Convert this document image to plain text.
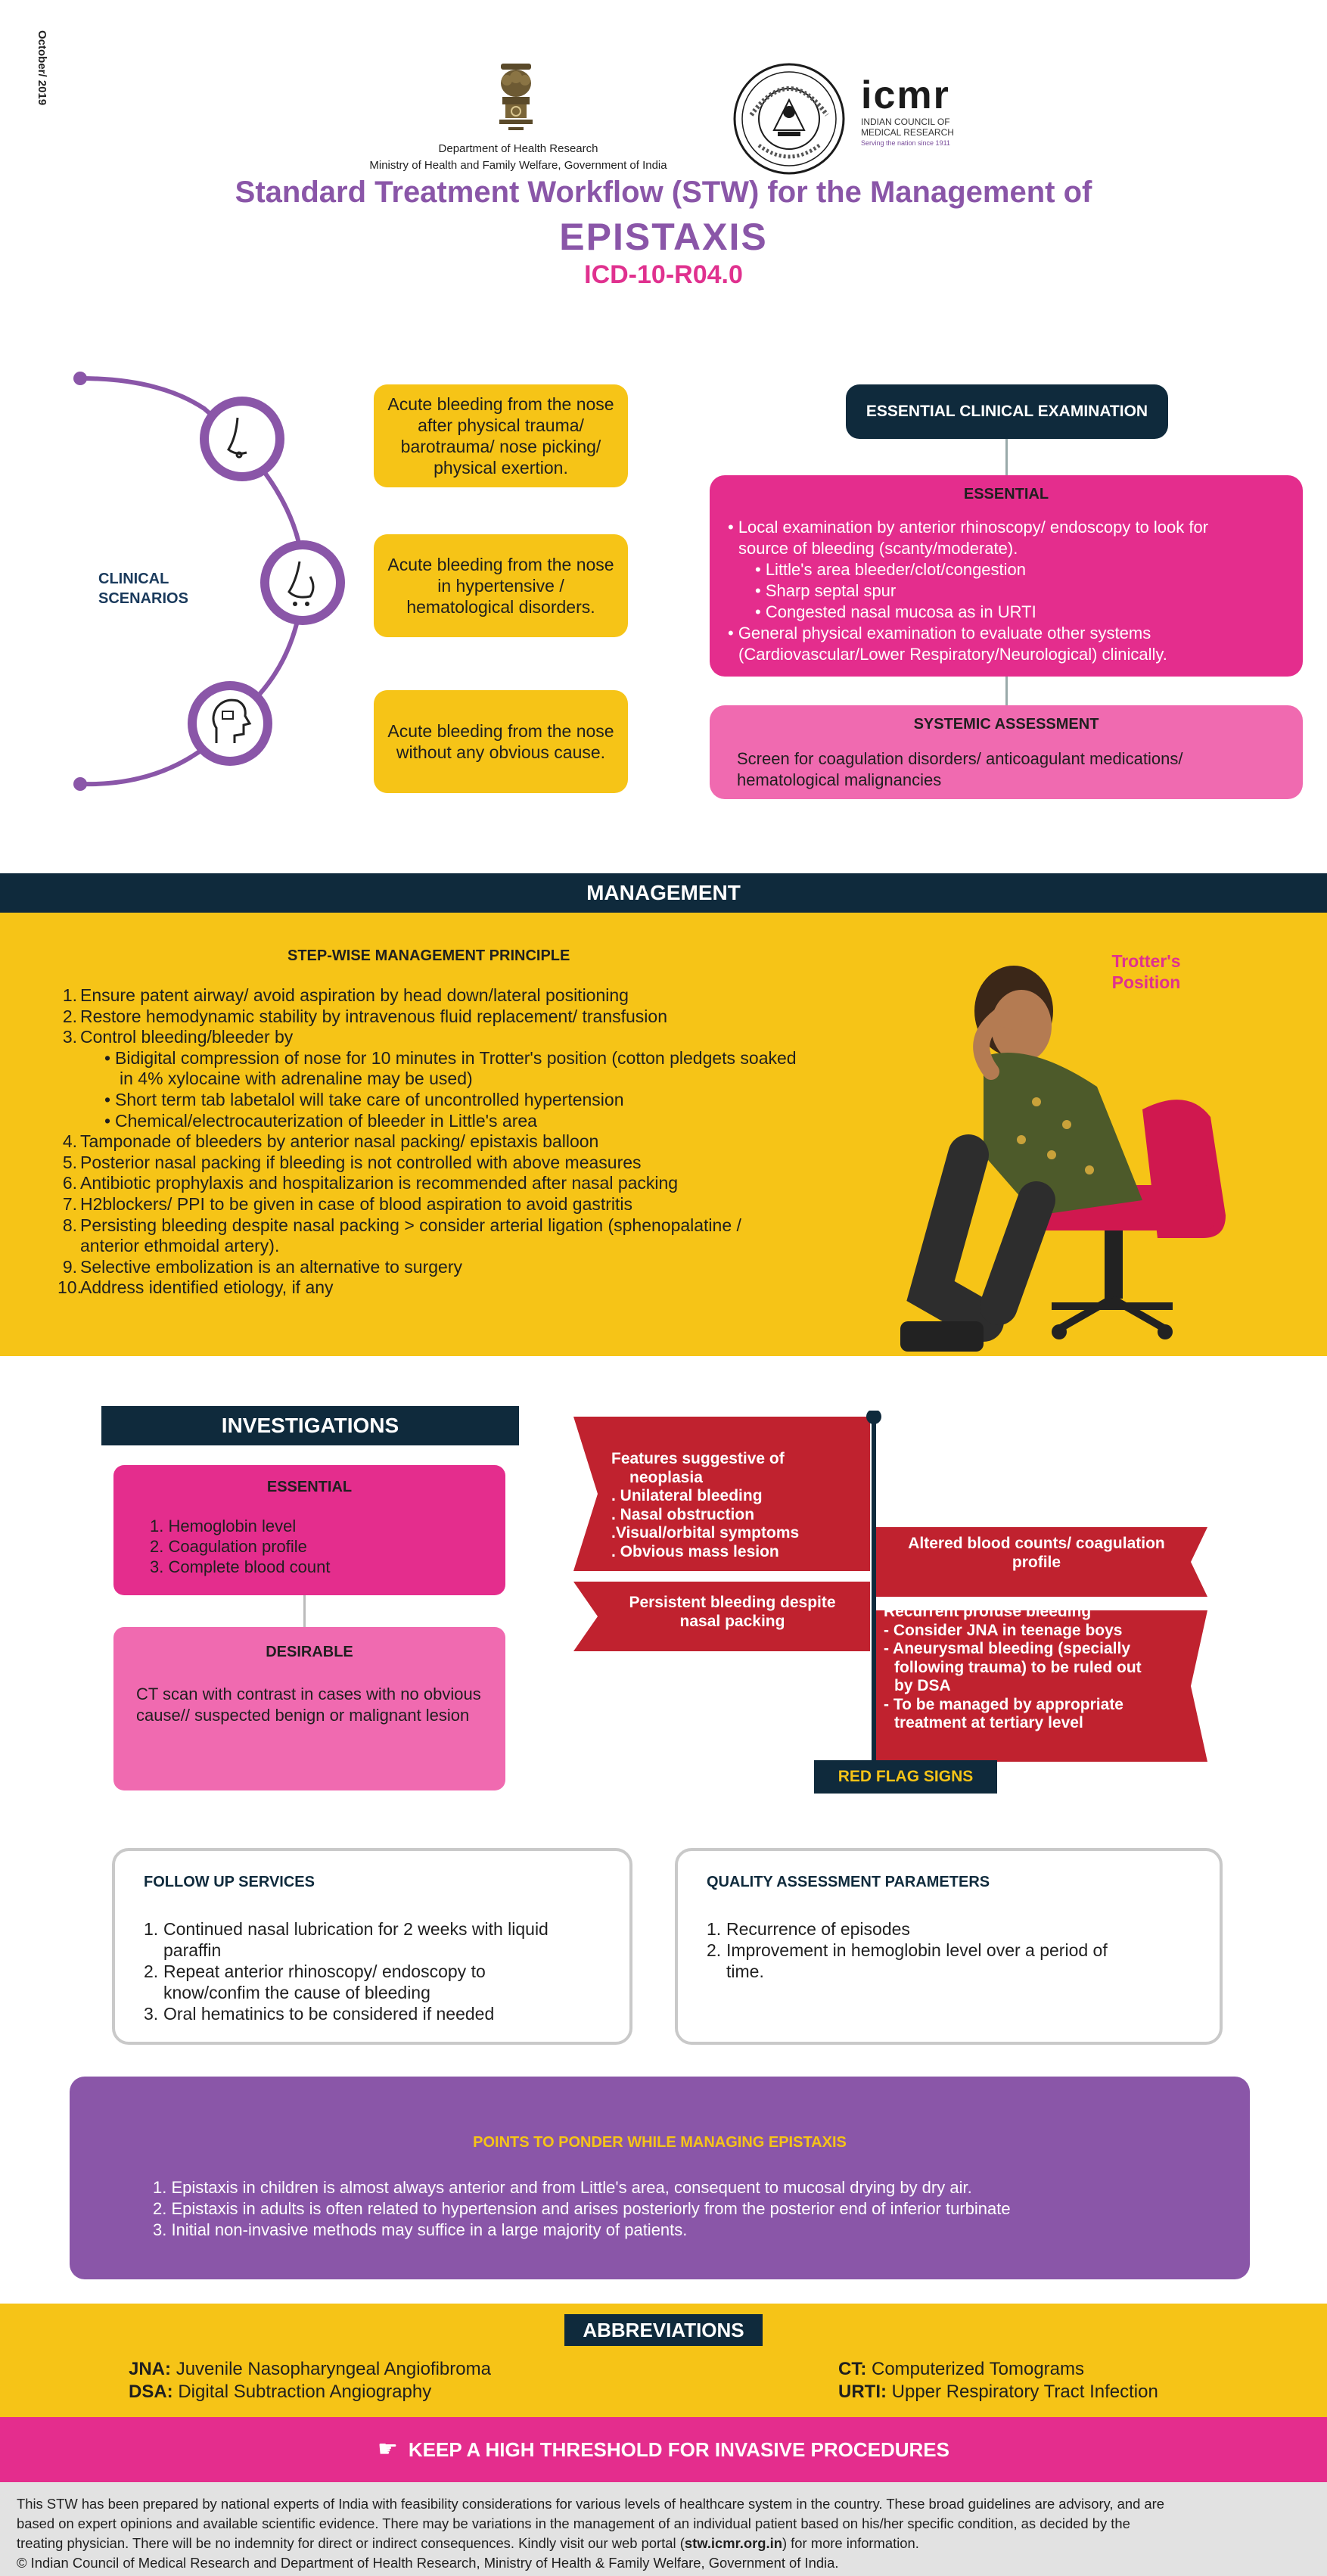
October/ 2019
Department of Health Research
Ministry of Health and Family Welfare, Government of India
icmr
INDIAN COUNCIL OF
MEDICAL RESEARCH
Serving the nation since 1911
Standard Treatment Workflow (STW) for the Management of
EPISTAXIS
ICD-10-R04.0
CLINICAL
SCENARIOS
Acute bleeding from the nose after physical trauma/ barotrauma/ nose picking/ physical exertion.
Acute bleeding from the nose in hypertensive / hematological disorders.
Acute bleeding from the nose without any obvious cause.
ESSENTIAL CLINICAL EXAMINATION
ESSENTIAL
• Local examination by anterior rhinoscopy/ endoscopy to look for
source of bleeding (scanty/moderate).
• Little's area bleeder/clot/congestion
• Sharp septal spur
• Congested nasal mucosa as in URTI
• General physical examination to evaluate other systems
(Cardiovascular/Lower Respiratory/Neurological) clinically.
SYSTEMIC ASSESSMENT
Screen for coagulation disorders/ anticoagulant medications/ hematological malignancies
MANAGEMENT
STEP-WISE MANAGEMENT PRINCIPLE
1. Ensure patent airway/ avoid aspiration by head down/lateral positioning
2. Restore hemodynamic stability by intravenous fluid replacement/ transfusion
3. Control bleeding/bleeder by
• Bidigital compression of nose for 10 minutes in Trotter's position (cotton pledgets soaked
in 4% xylocaine with adrenaline may be used)
• Short term tab labetalol will take care of uncontrolled hypertension
• Chemical/electrocauterization of bleeder in Little's area
4. Tamponade of bleeders by anterior nasal packing/ epistaxis balloon
5. Posterior nasal packing if bleeding is not controlled with above measures
6. Antibiotic prophylaxis and hospitalizarion is recommended after nasal packing
7. H2blockers/ PPI to be given in case of blood aspiration to avoid gastritis
8. Persisting bleeding despite nasal packing > consider arterial ligation (sphenopalatine /
anterior ethmoidal artery).
9. Selective embolization is an alternative to surgery
10.
Address identified etiology, if any
Trotter's
Position
INVESTIGATIONS
ESSENTIAL
1. Hemoglobin level
2. Coagulation profile
3. Complete blood count
DESIRABLE
CT scan with contrast in cases with no obvious cause// suspected benign or malignant lesion
Features suggestive of
neoplasia
. Unilateral bleeding
. Nasal obstruction
.Visual/orbital symptoms
. Obvious mass lesion
Persistent bleeding despite nasal packing
Altered blood counts/ coagulation profile
Recurrent profuse bleeding
- Consider JNA in teenage boys
- Aneurysmal bleeding (specially
following trauma) to be ruled out
by DSA
- To be managed by appropriate
treatment at tertiary level
RED FLAG SIGNS
FOLLOW UP SERVICES
1. Continued nasal lubrication for 2 weeks with liquid
paraffin
2. Repeat anterior rhinoscopy/ endoscopy to
know/confim the cause of bleeding
3. Oral hematinics to be considered if needed
QUALITY ASSESSMENT PARAMETERS
1. Recurrence of episodes
2. Improvement in hemoglobin level over a period of
time.
POINTS TO PONDER WHILE MANAGING EPISTAXIS
1. Epistaxis in children is almost always anterior and from Little's area, consequent to mucosal drying by dry air.
2. Epistaxis in adults is often related to hypertension and arises posteriorly from the posterior end of inferior turbinate
3. Initial non-invasive methods may suffice in a large majority of patients.
ABBREVIATIONS
JNA: Juvenile Nasopharyngeal Angiofibroma
DSA: Digital Subtraction Angiography
CT: Computerized Tomograms
URTI: Upper Respiratory Tract Infection
☛ KEEP A HIGH THRESHOLD FOR INVASIVE PROCEDURES
This STW has been prepared by national experts of India with feasibility considerations for various levels of healthcare system in the country. These broad guidelines are advisory, and are
based on expert opinions and available scientific evidence. There may be variations in the management of an individual patient based on his/her specific condition, as decided by the
treating physician. There will be no indemnity for direct or indirect consequences. Kindly visit our web portal (stw.icmr.org.in) for more information.
© Indian Council of Medical Research and Department of Health Research, Ministry of Health & Family Welfare, Government of India.
